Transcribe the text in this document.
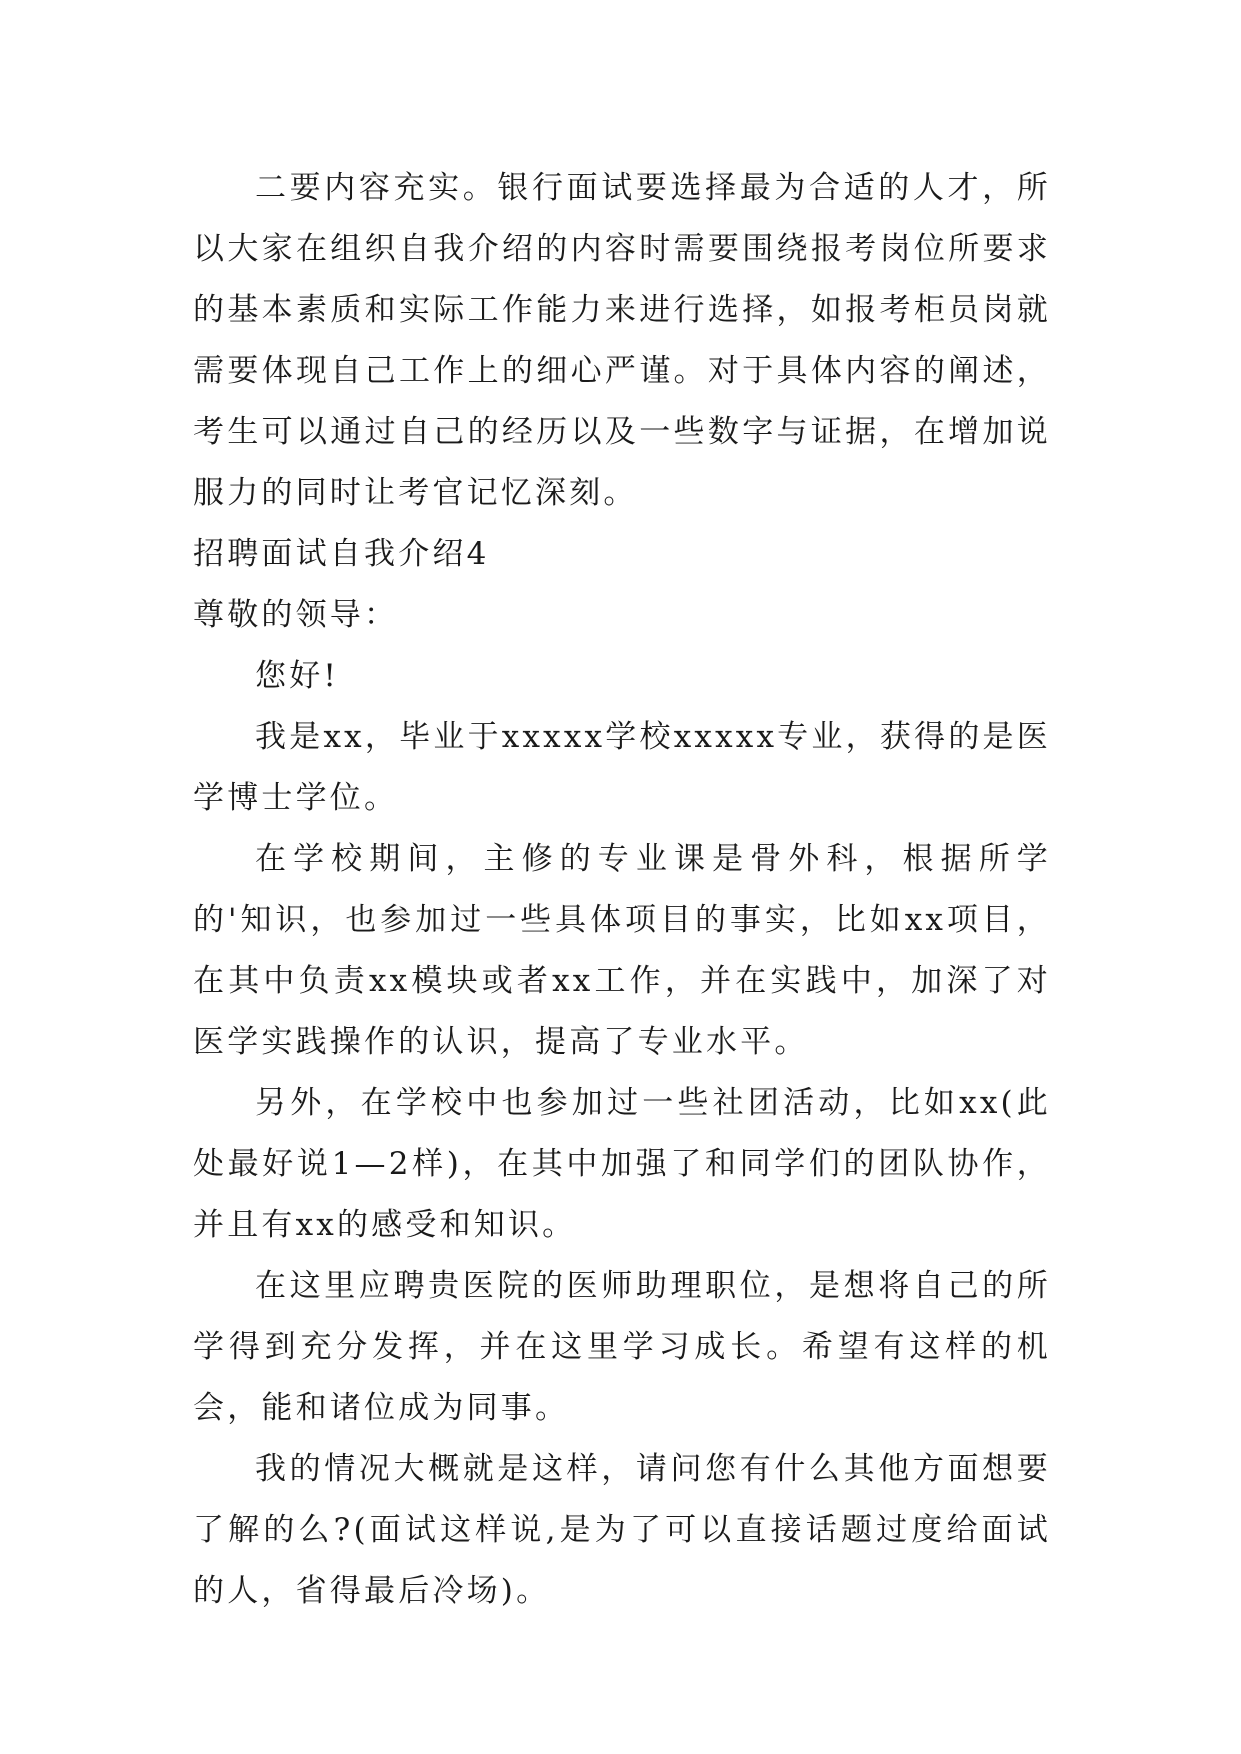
二要内容充实。银行面试要选择最为合适的人才，所以大家在组织自我介绍的内容时需要围绕报考岗位所要求的基本素质和实际工作能力来进行选择，如报考柜员岗就需要体现自己工作上的细心严谨。对于具体内容的阐述，考生可以通过自己的经历以及一些数字与证据，在增加说服力的同时让考官记忆深刻。

招聘面试自我介绍4

尊敬的领导：

您好!

我是xx，毕业于xxxxx学校xxxxx专业，获得的是医学博士学位。

在学校期间，主修的专业课是骨外科，根据所学的'知识，也参加过一些具体项目的事实，比如xx项目，在其中负责xx模块或者xx工作，并在实践中，加深了对医学实践操作的认识，提高了专业水平。

另外，在学校中也参加过一些社团活动，比如xx(此处最好说1—2样)，在其中加强了和同学们的团队协作，并且有xx的感受和知识。

在这里应聘贵医院的医师助理职位，是想将自己的所学得到充分发挥，并在这里学习成长。希望有这样的机会，能和诸位成为同事。

我的情况大概就是这样，请问您有什么其他方面想要了解的么?(面试这样说,是为了可以直接话题过度给面试的人，省得最后冷场)。
